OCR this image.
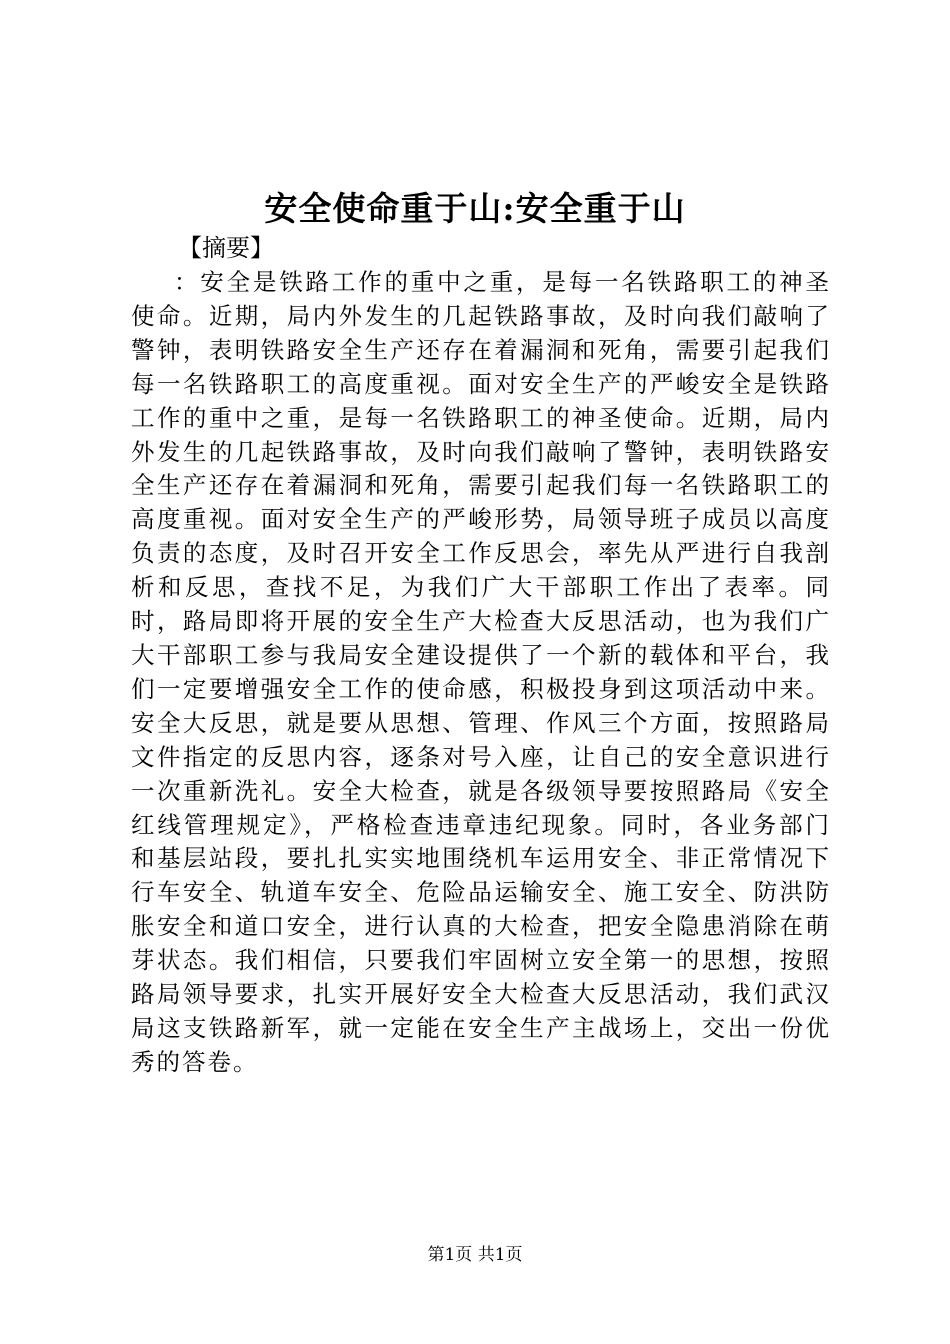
安全使命重于山:安全重于山

【摘要】

：安全是铁路工作的重中之重，是每一名铁路职工的神圣使命。近期，局内外发生的几起铁路事故，及时向我们敲响了警钟，表明铁路安全生产还存在着漏洞和死角，需要引起我们每一名铁路职工的高度重视。面对安全生产的严峻安全是铁路工作的重中之重，是每一名铁路职工的神圣使命。近期，局内外发生的几起铁路事故，及时向我们敲响了警钟，表明铁路安全生产还存在着漏洞和死角，需要引起我们每一名铁路职工的高度重视。面对安全生产的严峻形势，局领导班子成员以高度负责的态度，及时召开安全工作反思会，率先从严进行自我剖析和反思，查找不足，为我们广大干部职工作出了表率。同时，路局即将开展的安全生产大检查大反思活动，也为我们广大干部职工参与我局安全建设提供了一个新的载体和平台，我们一定要增强安全工作的使命感，积极投身到这项活动中来。安全大反思，就是要从思想、管理、作风三个方面，按照路局文件指定的反思内容，逐条对号入座，让自己的安全意识进行一次重新洗礼。安全大检查，就是各级领导要按照路局《安全红线管理规定》，严格检查违章违纪现象。同时，各业务部门和基层站段，要扎扎实实地围绕机车运用安全、非正常情况下行车安全、轨道车安全、危险品运输安全、施工安全、防洪防胀安全和道口安全，进行认真的大检查，把安全隐患消除在萌芽状态。我们相信，只要我们牢固树立安全第一的思想，按照路局领导要求，扎实开展好安全大检查大反思活动，我们武汉局这支铁路新军，就一定能在安全生产主战场上，交出一份优秀的答卷。

第1页 共1页
